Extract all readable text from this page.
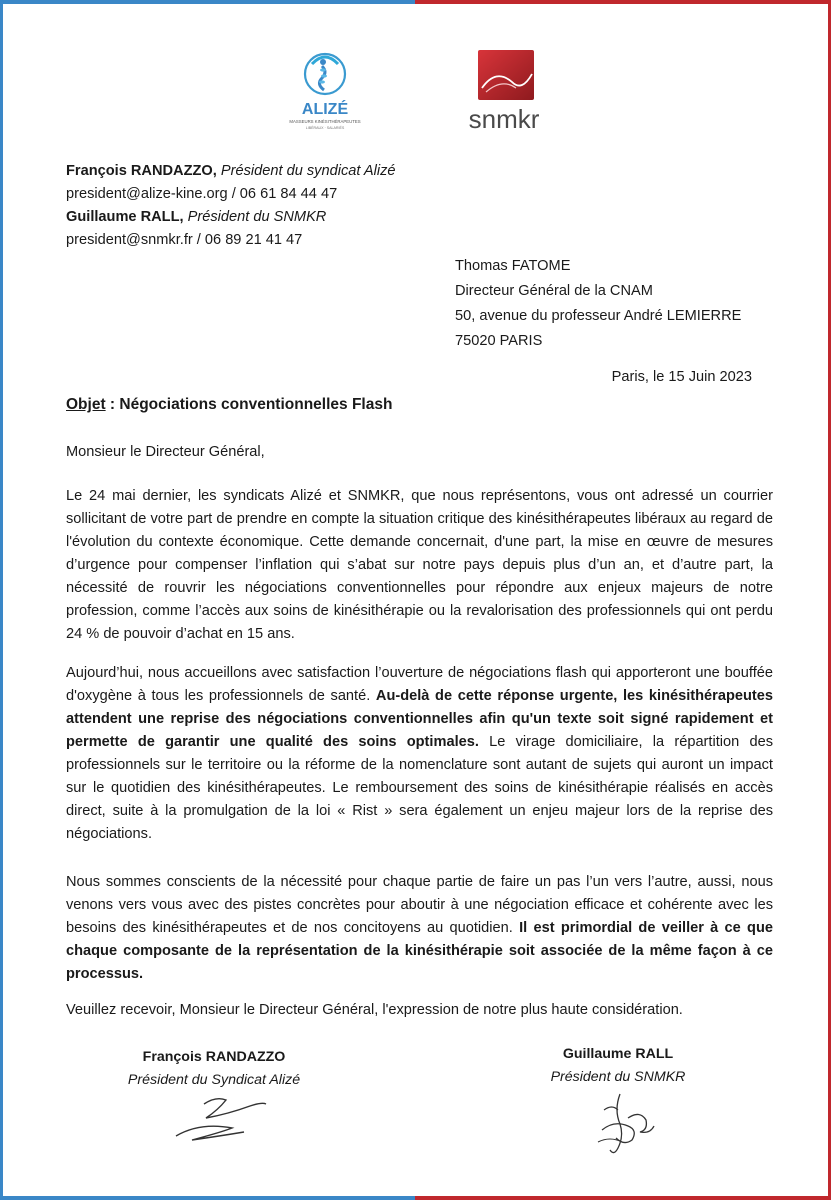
ALIZÉ
MASSEURS KINÉSITHÉRAPEUTES
LIBÉRAUX · SALARIÉS	snmkr
François RANDAZZO, Président du syndicat Alizé
president@alize-kine.org / 06 61 84 44 47
Guillaume RALL, Président du SNMKR
president@snmkr.fr / 06 89 21 41 47
Thomas FATOME
Directeur Général de la CNAM
50, avenue du professeur André LEMIERRE
75020 PARIS
Paris, le 15 Juin 2023
Objet : Négociations conventionnelles Flash
Monsieur le Directeur Général,
Le 24 mai dernier, les syndicats Alizé et SNMKR, que nous représentons, vous ont adressé un courrier sollicitant de votre part de prendre en compte la situation critique des kinésithérapeutes libéraux au regard de l'évolution du contexte économique. Cette demande concernait, d'une part, la mise en œuvre de mesures d’urgence pour compenser l’inflation qui s’abat sur notre pays depuis plus d’un an, et d’autre part, la nécessité de rouvrir les négociations conventionnelles pour répondre aux enjeux majeurs de notre profession, comme l’accès aux soins de kinésithérapie ou la revalorisation des professionnels qui ont perdu 24 % de pouvoir d’achat en 15 ans.
Aujourd’hui, nous accueillons avec satisfaction l’ouverture de négociations flash qui apporteront une bouffée d'oxygène à tous les professionnels de santé. Au-delà de cette réponse urgente, les kinésithérapeutes attendent une reprise des négociations conventionnelles afin qu'un texte soit signé rapidement et permette de garantir une qualité des soins optimales. Le virage domiciliaire, la répartition des professionnels sur le territoire ou la réforme de la nomenclature sont autant de sujets qui auront un impact sur le quotidien des kinésithérapeutes. Le remboursement des soins de kinésithérapie réalisés en accès direct, suite à la promulgation de la loi « Rist » sera également un enjeu majeur lors de la reprise des négociations.
Nous sommes conscients de la nécessité pour chaque partie de faire un pas l’un vers l’autre, aussi, nous venons vers vous avec des pistes concrètes pour aboutir à une négociation efficace et cohérente avec les besoins des kinésithérapeutes et de nos concitoyens au quotidien. Il est primordial de veiller à ce que chaque composante de la représentation de la kinésithérapie soit associée de la même façon à ce processus.
Veuillez recevoir, Monsieur le Directeur Général, l'expression de notre plus haute considération.
François RANDAZZO
Président du Syndicat Alizé
Guillaume RALL
Président du SNMKR
